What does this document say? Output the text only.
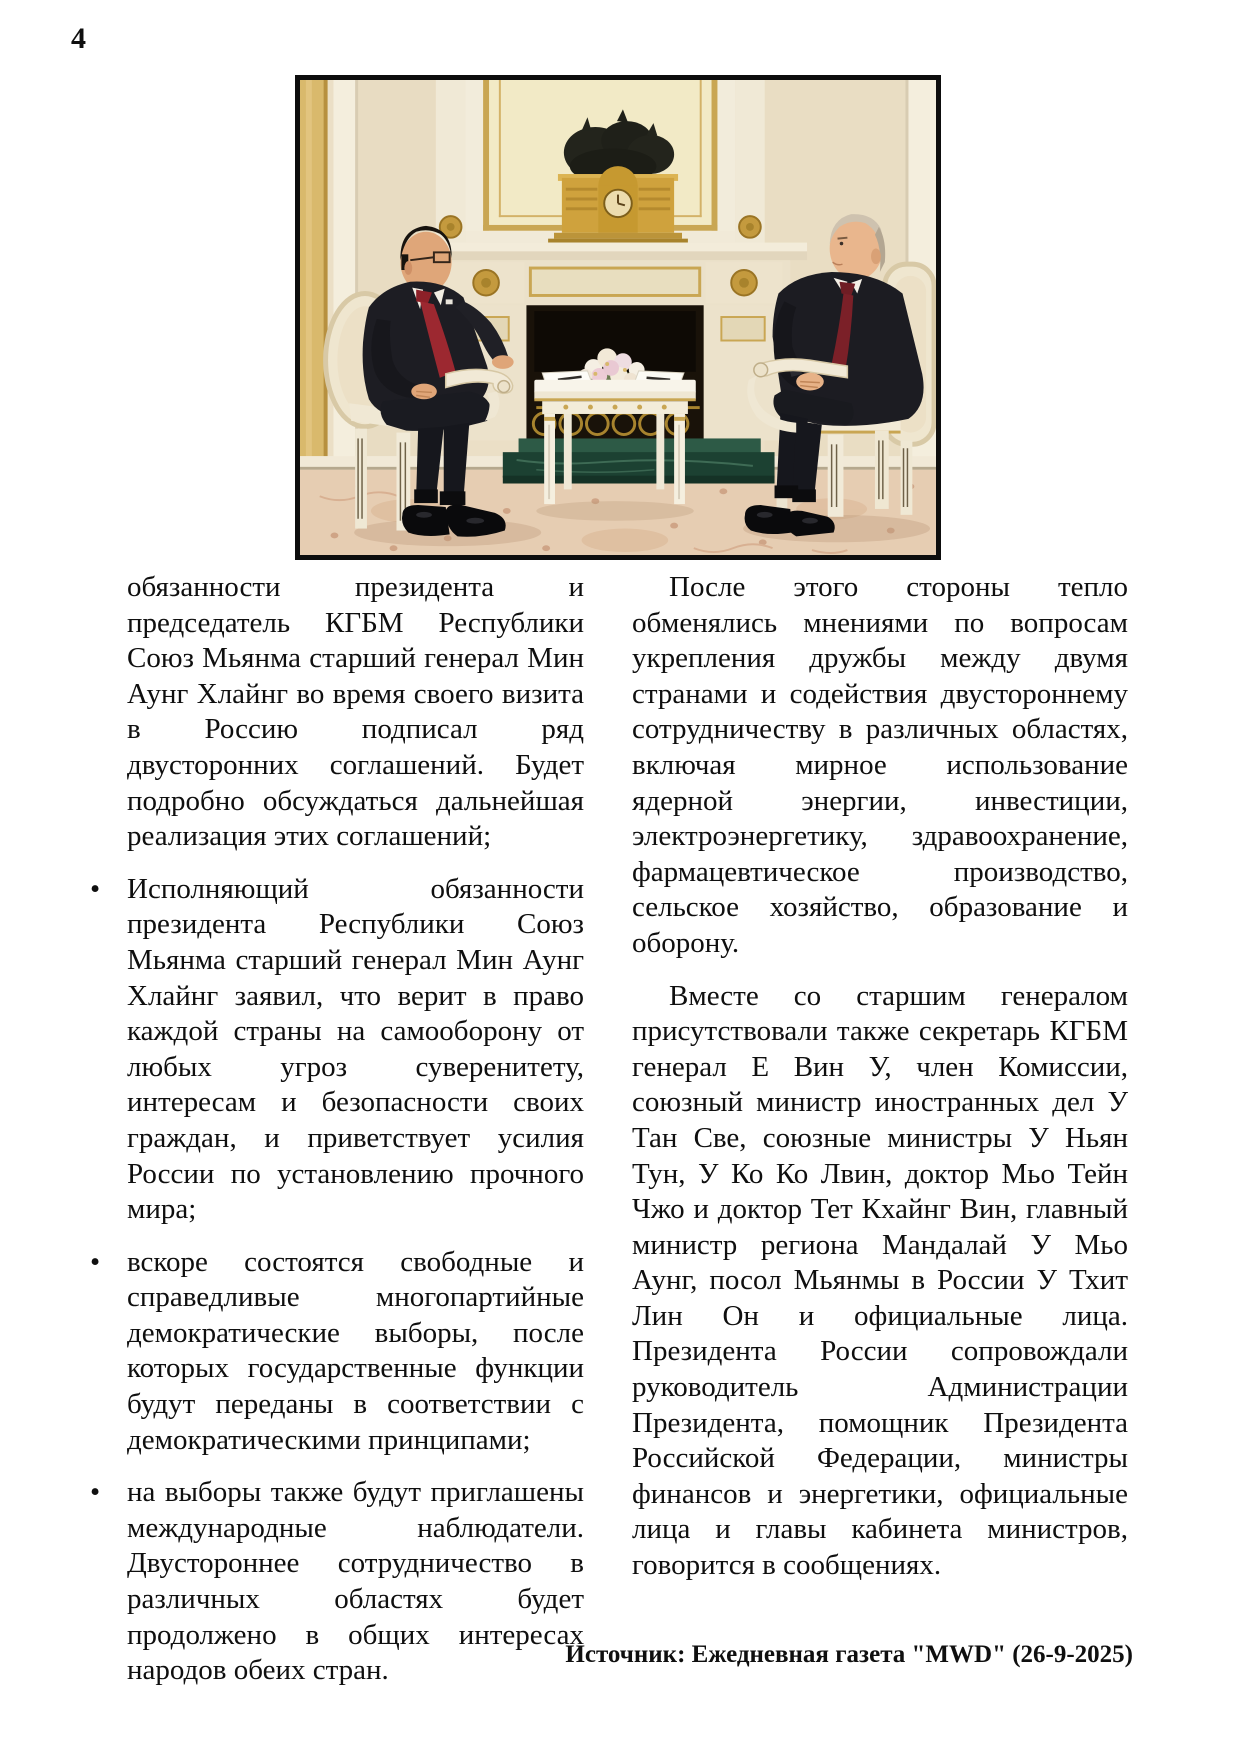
4

обязанности президента и председатель КГБМ Республики Союз Мьянма старший генерал Мин Аунг Хлайнг во время своего визита в Россию подписал ряд двусторонних соглашений. Будет подробно обсуждаться дальнейшая реализация этих соглашений;

• Исполняющий обязанности президента Республики Союз Мьянма старший генерал Мин Аунг Хлайнг заявил, что верит в право каждой страны на самооборону от любых угроз суверенитету, интересам и безопасности своих граждан, и приветствует усилия России по установлению прочного мира;
• вскоре состоятся свободные и справедливые многопартийные демократические выборы, после которых государственные функции будут переданы в соответствии с демократическими принципами;
• на выборы также будут приглашены международные наблюдатели. Двустороннее сотрудничество в различных областях будет продолжено в общих интересах народов обеих стран.

После этого стороны тепло обменялись мнениями по вопросам укрепления дружбы между двумя странами и содействия двустороннему сотрудничеству в различных областях, включая мирное использование ядерной энергии, инвестиции, электроэнергетику, здравоохранение, фармацевтическое производство, сельское хозяйство, образование и оборону.

Вместе со старшим генералом присутствовали также секретарь КГБМ генерал Е Вин У, член Комиссии, союзный министр иностранных дел У Тан Све, союзные министры У Ньян Тун, У Ко Ко Лвин, доктор Мьо Тейн Чжо и доктор Тет Кхайнг Вин, главный министр региона Мандалай У Мьо Аунг, посол Мьянмы в России У Тхит Лин Он и официальные лица. Президента России сопровождали руководитель Администрации Президента, помощник Президента Российской Федерации, министры финансов и энергетики, официальные лица и главы кабинета министров, говорится в сообщениях.

Источник: Ежедневная газета "MWD" (26-9-2025)
